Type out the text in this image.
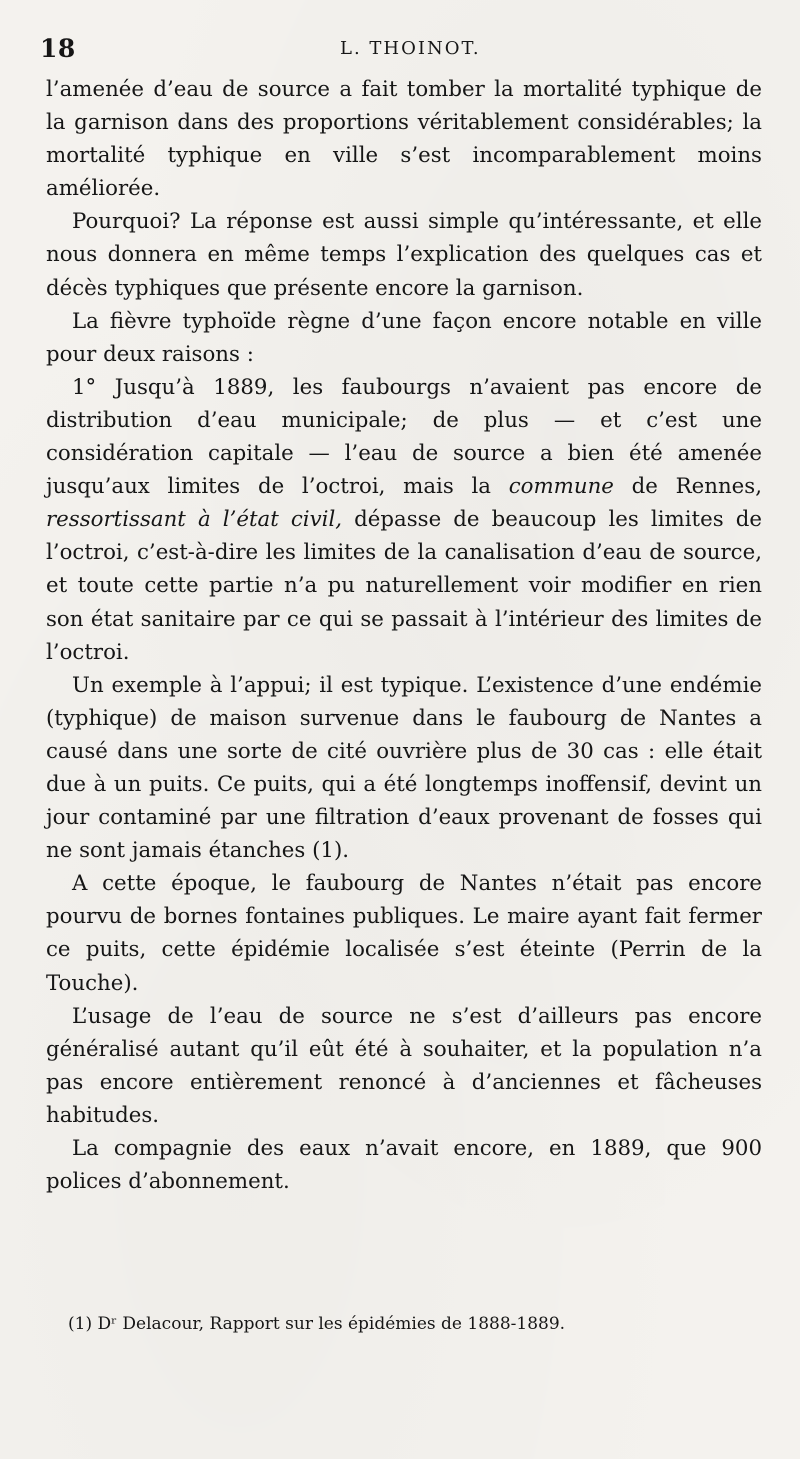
18	L. THOINOT.

l’amenée d’eau de source a fait tomber la mortalité typhique de la garnison dans des proportions véritablement considérables; la mortalité typhique en ville s’est incomparablement moins améliorée.

Pourquoi? La réponse est aussi simple qu’intéressante, et elle nous donnera en même temps l’explication des quelques cas et décès typhiques que présente encore la garnison.

La fièvre typhoïde règne d’une façon encore notable en ville pour deux raisons :

1° Jusqu’à 1889, les faubourgs n’avaient pas encore de distribution d’eau municipale; de plus — et c’est une considération capitale — l’eau de source a bien été amenée jusqu’aux limites de l’octroi, mais la commune de Rennes, ressortissant à l’état civil, dépasse de beaucoup les limites de l’octroi, c’est-à-dire les limites de la canalisation d’eau de source, et toute cette partie n’a pu naturellement voir modifier en rien son état sanitaire par ce qui se passait à l’intérieur des limites de l’octroi.

Un exemple à l’appui; il est typique. L’existence d’une endémie (typhique) de maison survenue dans le faubourg de Nantes a causé dans une sorte de cité ouvrière plus de 30 cas : elle était due à un puits. Ce puits, qui a été longtemps inoffensif, devint un jour contaminé par une filtration d’eaux provenant de fosses qui ne sont jamais étanches (1).

A cette époque, le faubourg de Nantes n’était pas encore pourvu de bornes fontaines publiques. Le maire ayant fait fermer ce puits, cette épidémie localisée s’est éteinte (Perrin de la Touche).

L’usage de l’eau de source ne s’est d’ailleurs pas encore généralisé autant qu’il eût été à souhaiter, et la population n’a pas encore entièrement renoncé à d’anciennes et fâcheuses habitudes.

La compagnie des eaux n’avait encore, en 1889, que 900 polices d’abonnement.

(1) Dʳ Delacour, Rapport sur les épidémies de 1888-1889.
